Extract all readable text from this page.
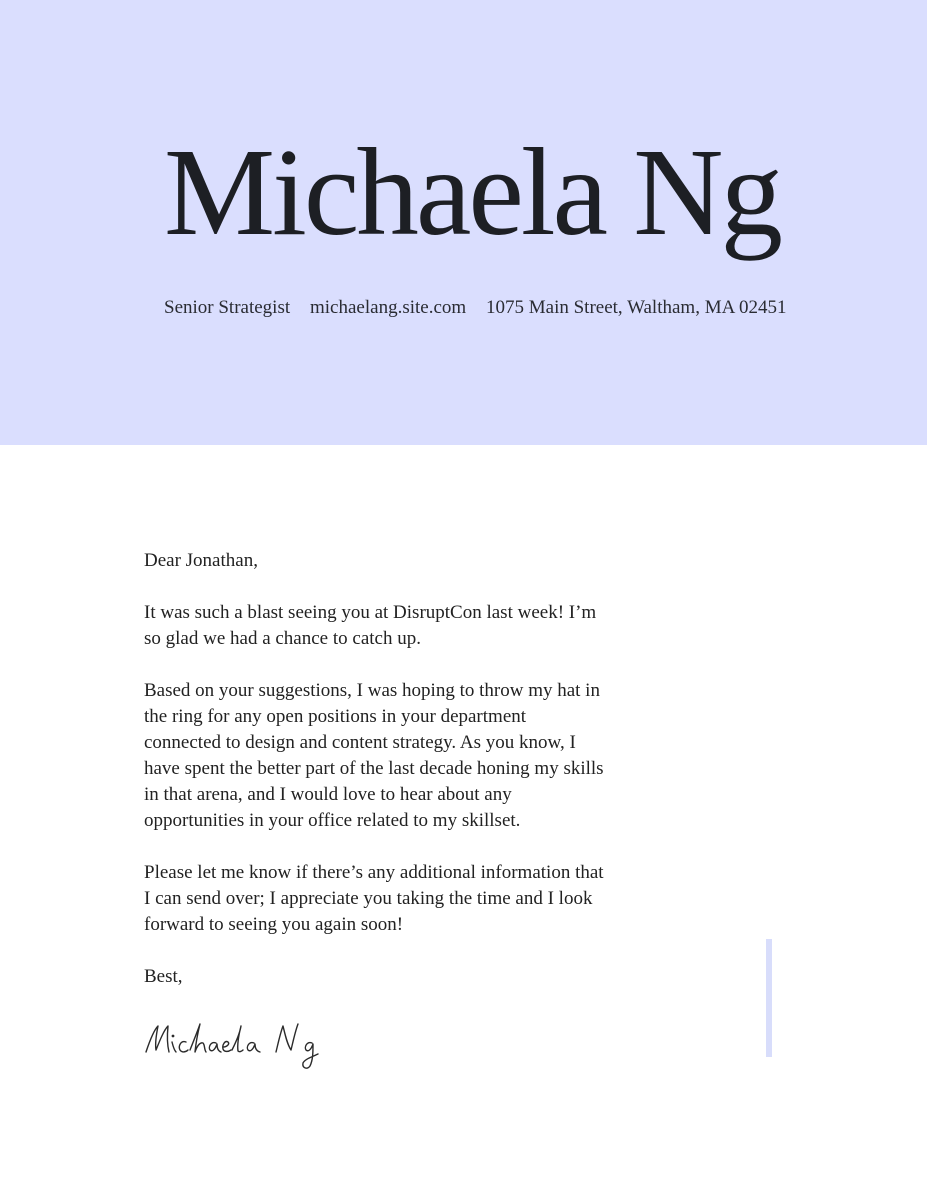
Michaela Ng
Senior Strategist michaelang.site.com 1075 Main Street, Waltham, MA 02451

Dear Jonathan,

It was such a blast seeing you at DisruptCon last week! I’m so glad we had a chance to catch up.

Based on your suggestions, I was hoping to throw my hat in the ring for any open positions in your department connected to design and content strategy. As you know, I have spent the better part of the last decade honing my skills in that arena, and I would love to hear about any opportunities in your office related to my skillset.

Please let me know if there’s any additional information that I can send over; I appreciate you taking the time and I look forward to seeing you again soon!

Best,
